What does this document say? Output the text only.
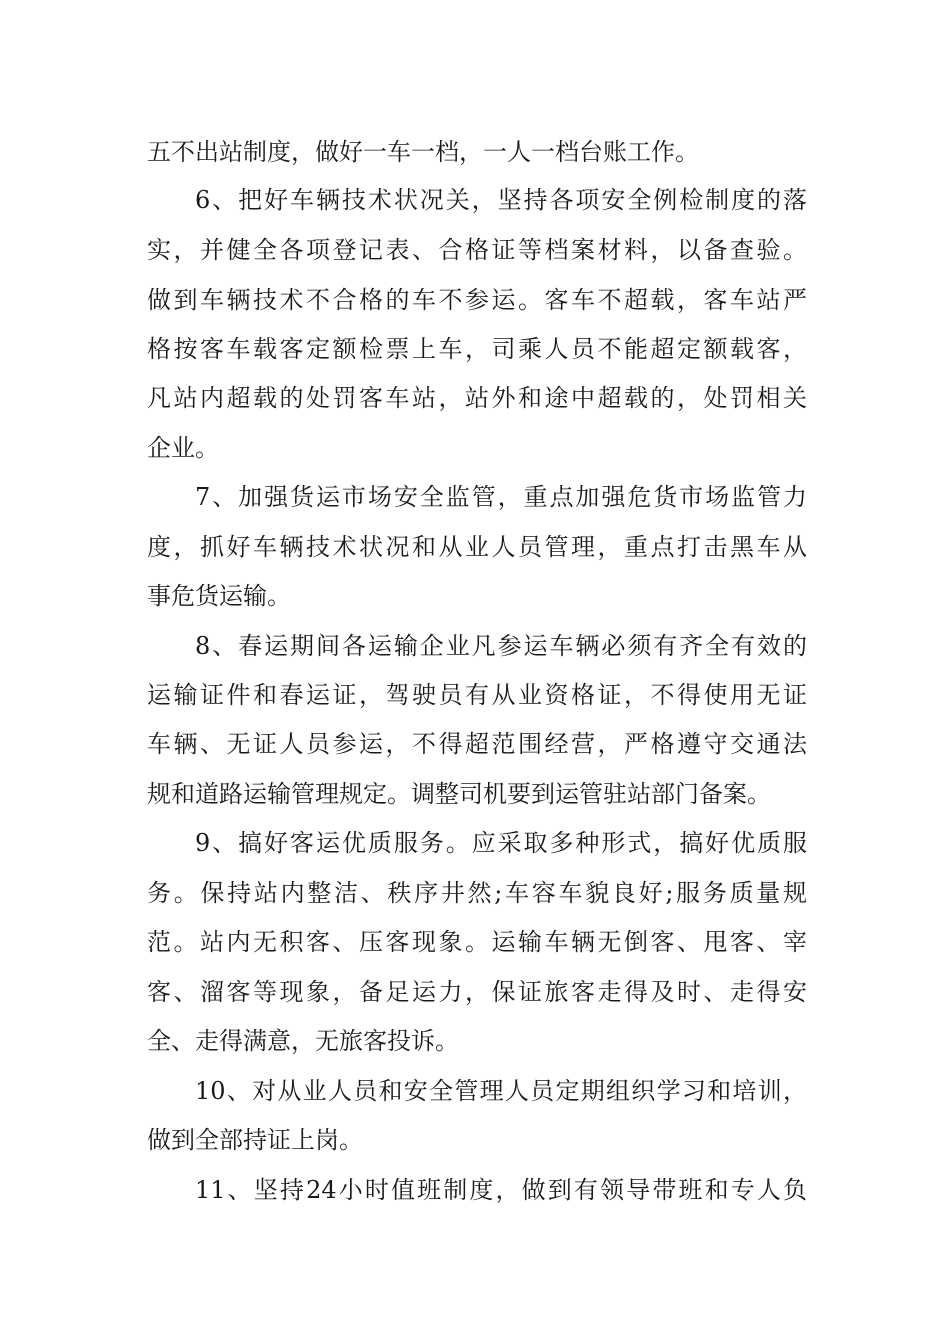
五不出站制度，做好一车一档，一人一档台账工作。
6、把好车辆技术状况关，坚持各项安全例检制度的落
实，并健全各项登记表、合格证等档案材料，以备查验。
做到车辆技术不合格的车不参运。客车不超载，客车站严
格按客车载客定额检票上车，司乘人员不能超定额载客，
凡站内超载的处罚客车站，站外和途中超载的，处罚相关
企业。
7、加强货运市场安全监管，重点加强危货市场监管力
度，抓好车辆技术状况和从业人员管理，重点打击黑车从
事危货运输。
8、春运期间各运输企业凡参运车辆必须有齐全有效的
运输证件和春运证，驾驶员有从业资格证，不得使用无证
车辆、无证人员参运，不得超范围经营，严格遵守交通法
规和道路运输管理规定。调整司机要到运管驻站部门备案。
9、搞好客运优质服务。应采取多种形式，搞好优质服
务。保持站内整洁、秩序井然;车容车貌良好;服务质量规
范。站内无积客、压客现象。运输车辆无倒客、甩客、宰
客、溜客等现象，备足运力，保证旅客走得及时、走得安
全、走得满意，无旅客投诉。
10、对从业人员和安全管理人员定期组织学习和培训，
做到全部持证上岗。
11、坚持24小时值班制度，做到有领导带班和专人负
